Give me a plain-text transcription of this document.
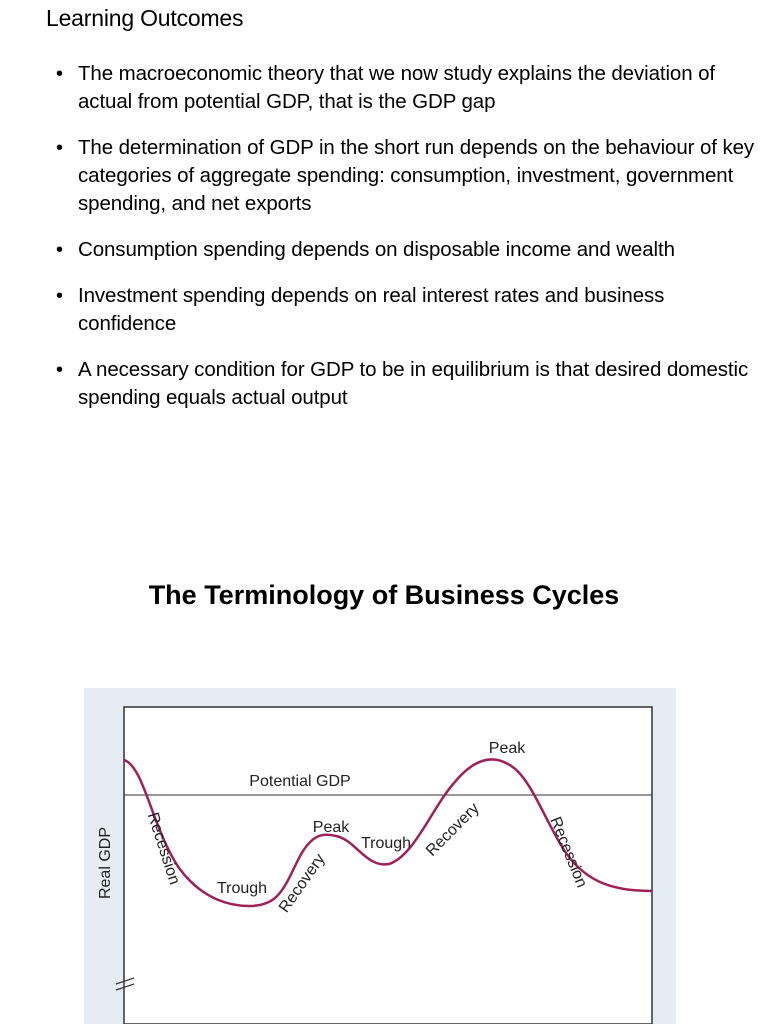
Learning Outcomes
• The macroeconomic theory that we now study explains the deviation of actual from potential GDP, that is the GDP gap
• The determination of GDP in the short run depends on the behaviour of key categories of aggregate spending: consumption, investment, government spending, and net exports
• Consumption spending depends on disposable income and wealth
• Investment spending depends on real interest rates and business confidence
• A necessary condition for GDP to be in equilibrium is that desired domestic spending equals actual output
The Terminology of Business Cycles
Real GDP
Potential GDP
Recession
Trough Recovery
Peak
Trough Recovery
Peak
Recession
